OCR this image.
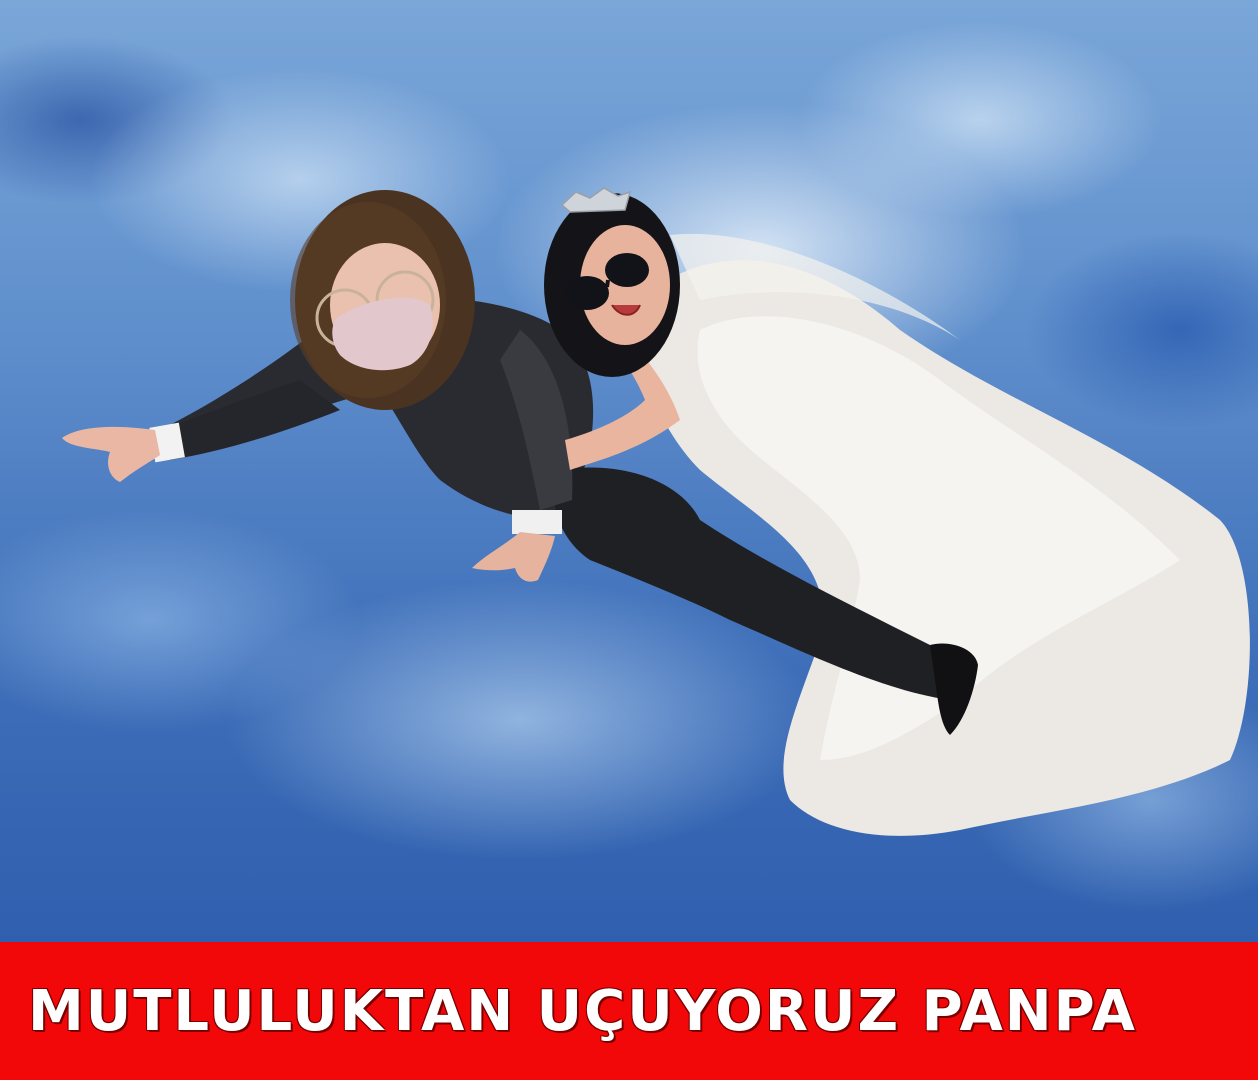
MUTLULUKTAN UÇUYORUZ PANPA
